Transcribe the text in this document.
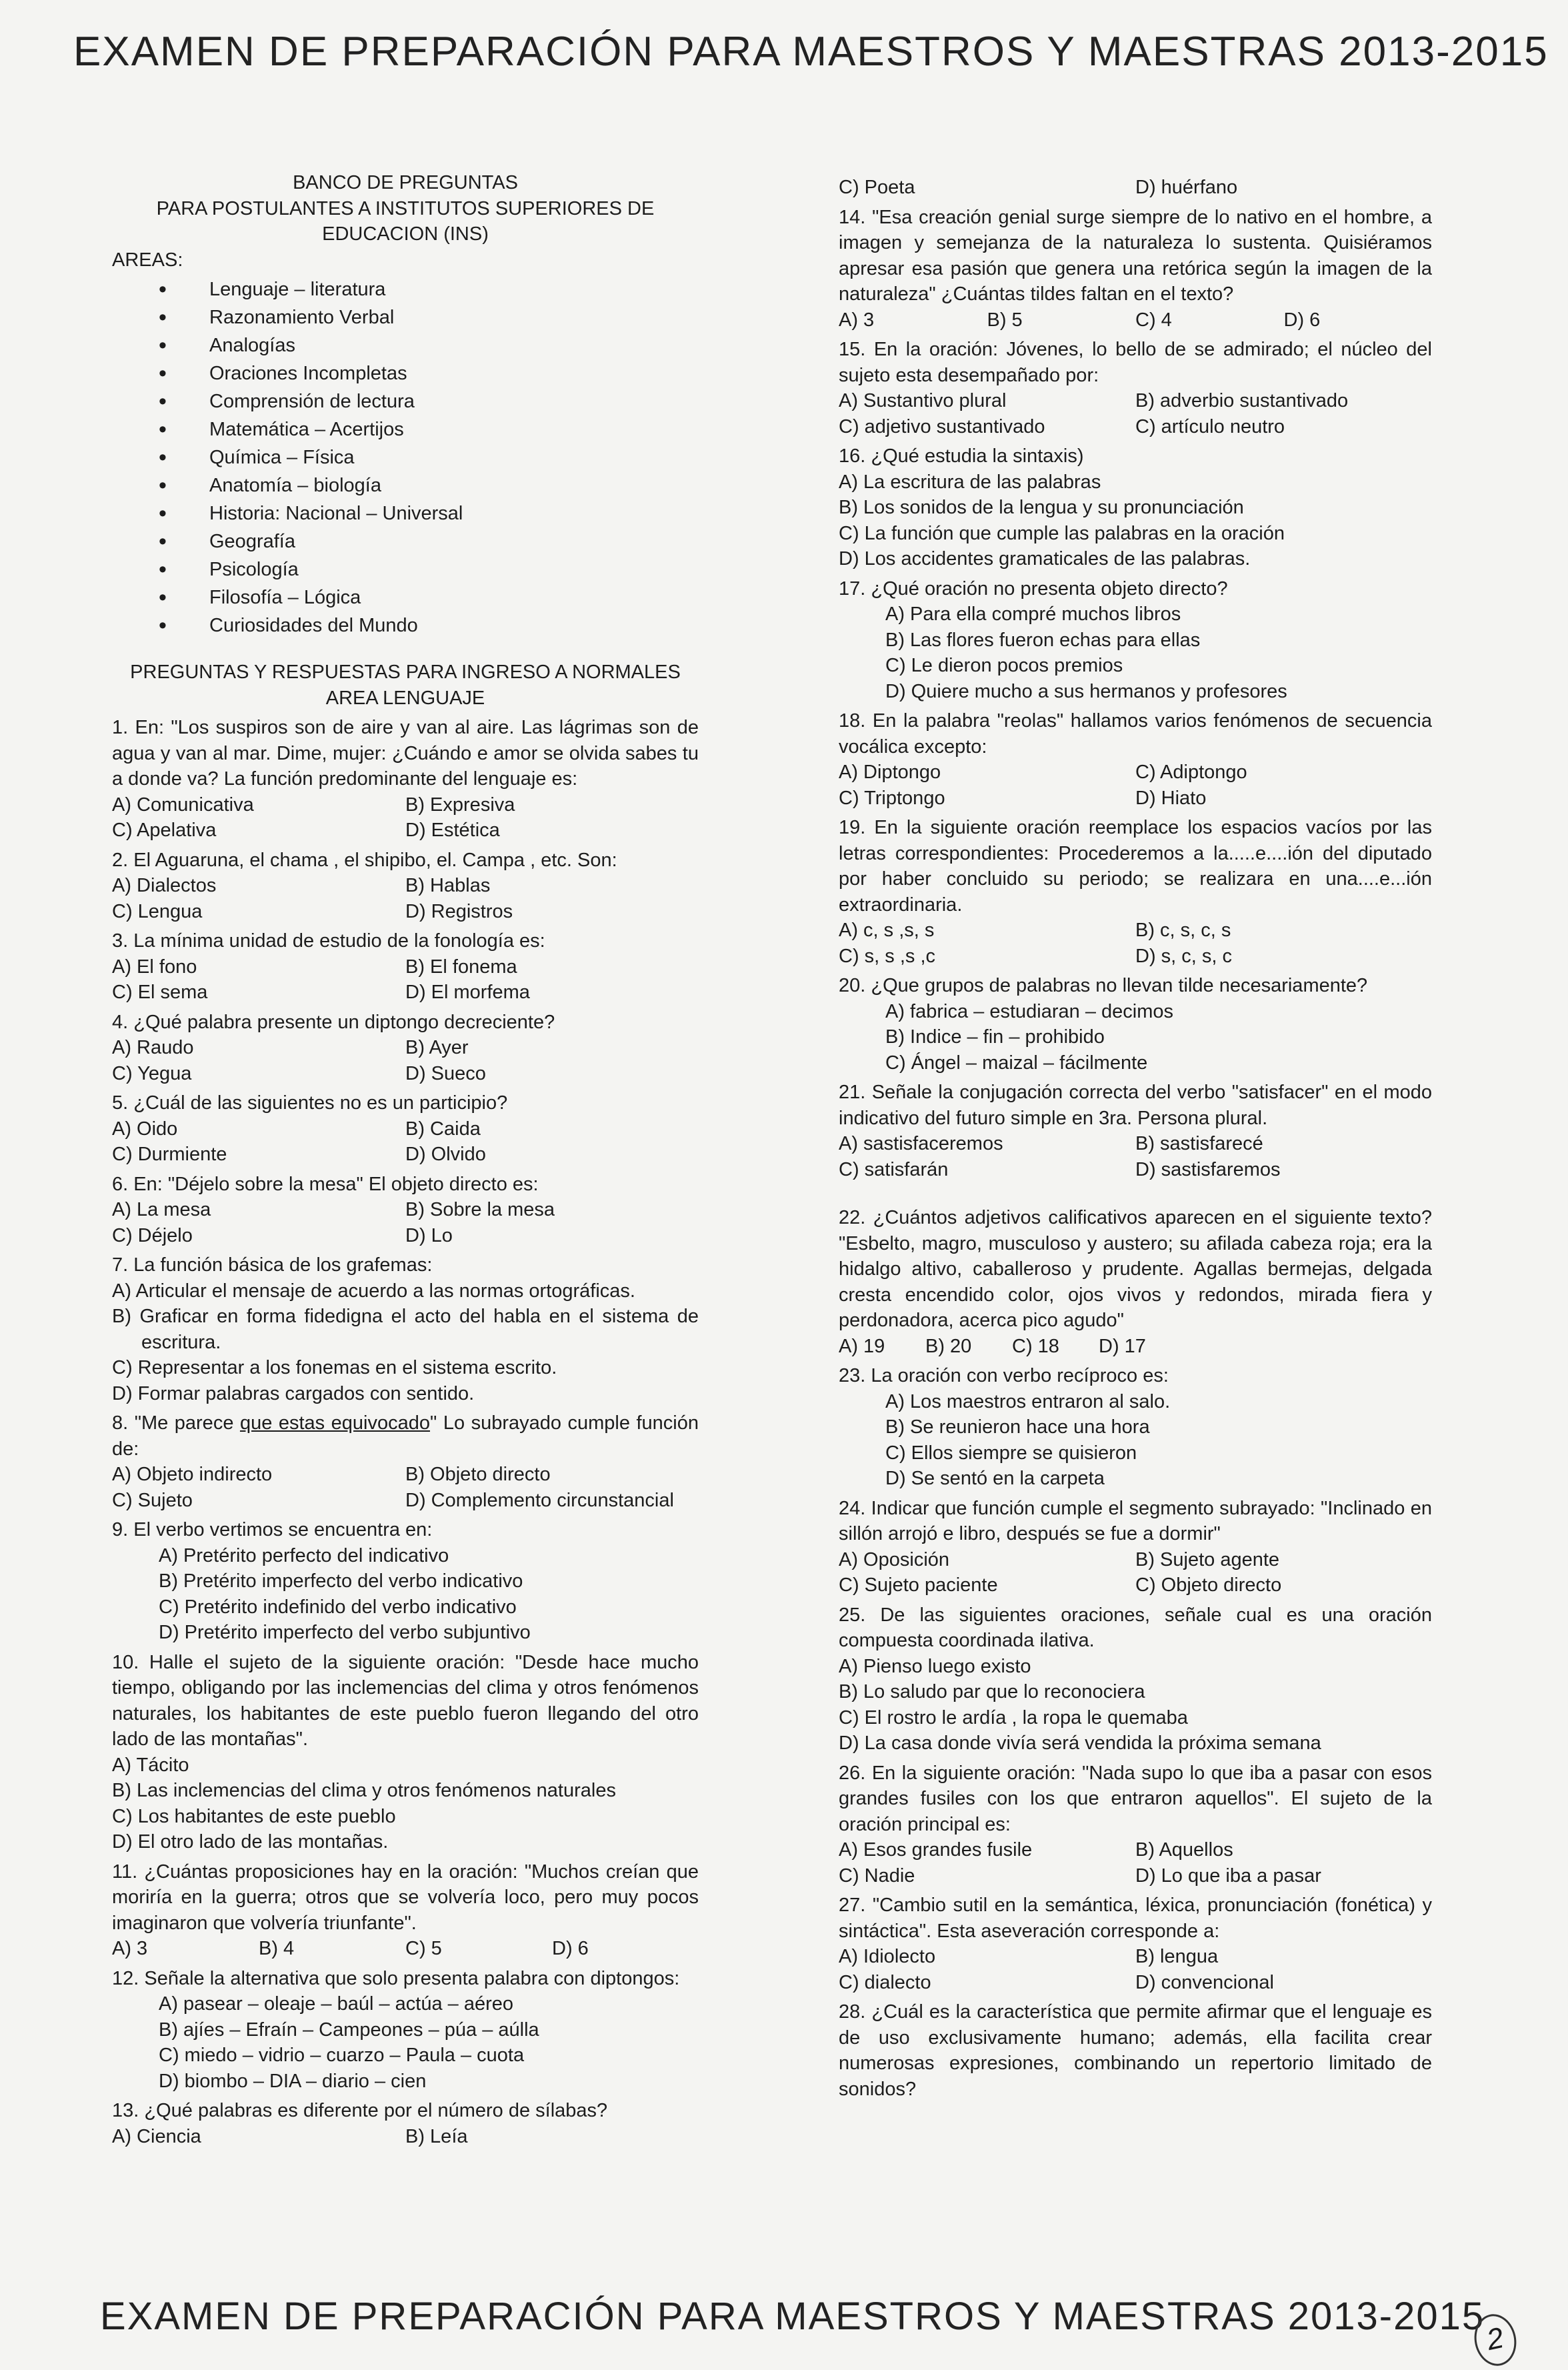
EXAMEN DE PREPARACIÓN PARA MAESTROS Y MAESTRAS 2013-2015
BANCO DE PREGUNTAS
PARA POSTULANTES A INSTITUTOS SUPERIORES DE
EDUCACION (INS)
AREAS:
• Lenguaje – literatura
• Razonamiento Verbal
• Analogías
• Oraciones Incompletas
• Comprensión de lectura
• Matemática – Acertijos
• Química – Física
• Anatomía – biología
• Historia: Nacional – Universal
• Geografía
• Psicología
• Filosofía – Lógica
• Curiosidades del Mundo
PREGUNTAS Y RESPUESTAS PARA INGRESO A NORMALES
AREA LENGUAJE
1. En: "Los suspiros son de aire y van al aire. Las lágrimas son de agua y van al mar. Dime, mujer: ¿Cuándo e amor se olvida sabes tu a donde va? La función predominante del lenguaje es:
A) Comunicativa	B) Expresiva
C) Apelativa	D) Estética
2. El Aguaruna, el chama , el shipibo, el. Campa , etc. Son:
A) Dialectos	B) Hablas
C) Lengua	D) Registros
3. La mínima unidad de estudio de la fonología es:
A) El fono	B) El fonema
C) El sema	D) El morfema
4. ¿Qué palabra presente un diptongo decreciente?
A) Raudo	B) Ayer
C) Yegua	D) Sueco
5. ¿Cuál de las siguientes no es un participio?
A) Oido	B) Caida
C) Durmiente	D) Olvido
6. En: "Déjelo sobre la mesa" El objeto directo es:
A) La mesa	B) Sobre la mesa
C) Déjelo	D) Lo
7. La función básica de los grafemas:
A) Articular el mensaje de acuerdo a las normas ortográficas.
B) Graficar en forma fidedigna el acto del habla en el sistema de escritura.
C) Representar a los fonemas en el sistema escrito.
D) Formar palabras cargados con sentido.
8. "Me parece que estas equivocado" Lo subrayado cumple función de:
A) Objeto indirecto	B) Objeto directo
C) Sujeto	D) Complemento circunstancial
9. El verbo vertimos se encuentra en:
A) Pretérito perfecto del indicativo
B) Pretérito imperfecto del verbo indicativo
C) Pretérito indefinido del verbo indicativo
D) Pretérito imperfecto del verbo subjuntivo
10. Halle el sujeto de la siguiente oración: "Desde hace mucho tiempo, obligando por las inclemencias del clima y otros fenómenos naturales, los habitantes de este pueblo fueron llegando del otro lado de las montañas".
A) Tácito
B) Las inclemencias del clima y otros fenómenos naturales
C) Los habitantes de este pueblo
D) El otro lado de las montañas.
11. ¿Cuántas proposiciones hay en la oración: "Muchos creían que moriría en la guerra; otros que se volvería loco, pero muy pocos imaginaron que volvería triunfante".
A) 3	B) 4	C) 5	D) 6
12. Señale la alternativa que solo presenta palabra con diptongos:
A) pasear – oleaje – baúl – actúa – aéreo
B) ajíes – Efraín – Campeones – púa – aúlla
C) miedo – vidrio – cuarzo – Paula – cuota
D) biombo – DIA – diario – cien
13. ¿Qué palabras es diferente por el número de sílabas?
A) Ciencia	B) Leía
C) Poeta	D) huérfano
14. "Esa creación genial surge siempre de lo nativo en el hombre, a imagen y semejanza de la naturaleza lo sustenta. Quisiéramos apresar esa pasión que genera una retórica según la imagen de la naturaleza" ¿Cuántas tildes faltan en el texto?
A) 3	B) 5	C) 4	D) 6
15. En la oración: Jóvenes, lo bello de se admirado; el núcleo del sujeto esta desempañado por:
A) Sustantivo plural	B) adverbio sustantivado
C) adjetivo sustantivado	C) artículo neutro
16. ¿Qué estudia la sintaxis)
A) La escritura de las palabras
B) Los sonidos de la lengua y su pronunciación
C) La función que cumple las palabras en la oración
D) Los accidentes gramaticales de las palabras.
17. ¿Qué oración no presenta objeto directo?
A) Para ella compré muchos libros
B) Las flores fueron echas para ellas
C) Le dieron pocos premios
D) Quiere mucho a sus hermanos y profesores
18. En la palabra "reolas" hallamos varios fenómenos de secuencia vocálica excepto:
A) Diptongo	C) Adiptongo
C) Triptongo	D) Hiato
19. En la siguiente oración reemplace los espacios vacíos por las letras correspondientes: Procederemos a la.....e....ión del diputado por haber concluido su periodo; se realizara en una....e...ión extraordinaria.
A) c, s ,s, s	B) c, s, c, s
C) s, s ,s ,c	D) s, c, s, c
20. ¿Que grupos de palabras no llevan tilde necesariamente?
A) fabrica – estudiaran – decimos
B) Indice – fin – prohibido
C) Ángel – maizal – fácilmente
21. Señale la conjugación correcta del verbo "satisfacer" en el modo indicativo del futuro simple en 3ra. Persona plural.
A) sastisfaceremos	B) sastisfarecé
C) satisfarán	D) sastisfaremos
22. ¿Cuántos adjetivos calificativos aparecen en el siguiente texto? "Esbelto, magro, musculoso y austero; su afilada cabeza roja; era la hidalgo altivo, caballeroso y prudente. Agallas bermejas, delgada cresta encendido color, ojos vivos y redondos, mirada fiera y perdonadora, acerca pico agudo"
A) 19	B) 20	C) 18	D) 17
23. La oración con verbo recíproco es:
A) Los maestros entraron al salo.
B) Se reunieron hace una hora
C) Ellos siempre se quisieron
D) Se sentó en la carpeta
24. Indicar que función cumple el segmento subrayado: "Inclinado en sillón arrojó e libro, después se fue a dormir"
A) Oposición	B) Sujeto agente
C) Sujeto paciente	C) Objeto directo
25. De las siguientes oraciones, señale cual es una oración compuesta coordinada ilativa.
A) Pienso luego existo
B) Lo saludo par que lo reconociera
C) El rostro le ardía , la ropa le quemaba
D) La casa donde vivía será vendida la próxima semana
26. En la siguiente oración: "Nada supo lo que iba a pasar con esos grandes fusiles con los que entraron aquellos". El sujeto de la oración principal es:
A) Esos grandes fusile	B) Aquellos
C) Nadie	D) Lo que iba a pasar
27. "Cambio sutil en la semántica, léxica, pronunciación (fonética) y sintáctica". Esta aseveración corresponde a:
A) Idiolecto	B) lengua
C) dialecto	D) convencional
28. ¿Cuál es la característica que permite afirmar que el lenguaje es de uso exclusivamente humano; además, ella facilita crear numerosas expresiones, combinando un repertorio limitado de sonidos?
EXAMEN DE PREPARACIÓN PARA MAESTROS Y MAESTRAS 2013-2015
2
